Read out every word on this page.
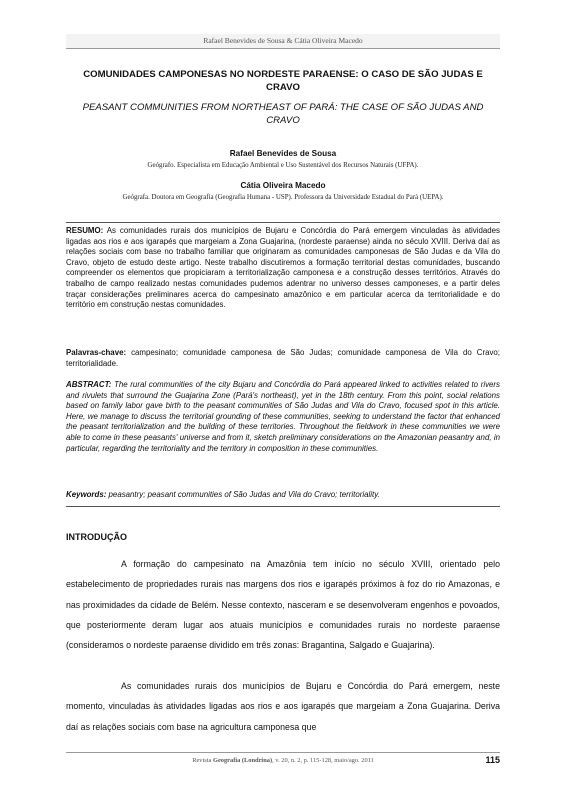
Rafael Benevides de Sousa & Cátia Oliveira Macedo
COMUNIDADES CAMPONESAS NO NORDESTE PARAENSE: O CASO DE SÃO JUDAS E CRAVO
PEASANT COMMUNITIES FROM NORTHEAST OF PARÁ: THE CASE OF SÃO JUDAS AND CRAVO
Rafael Benevides de Sousa
Geógrafo. Especialista em Educação Ambiental e Uso Sustentável dos Recursos Naturais (UFPA).
Cátia Oliveira Macedo
Geógrafa. Doutora em Geografia (Geografia Humana - USP). Professora da Universidade Estadual do Pará (UEPA).
RESUMO: As comunidades rurais dos municípios de Bujaru e Concórdia do Pará emergem vinculadas às atividades ligadas aos rios e aos igarapés que margeiam a Zona Guajarina, (nordeste paraense) ainda no século XVIII. Deriva daí as relações sociais com base no trabalho familiar que originaram as comunidades camponesas de São Judas e da Vila do Cravo, objeto de estudo deste artigo. Neste trabalho discutiremos a formação territorial destas comunidades, buscando compreender os elementos que propiciaram a territorialização camponesa e a construção desses territórios. Através do trabalho de campo realizado nestas comunidades pudemos adentrar no universo desses camponeses, e a partir deles traçar considerações preliminares acerca do campesinato amazônico e em particular acerca da territorialidade e do território em construção nestas comunidades.
Palavras-chave: campesinato; comunidade camponesa de São Judas; comunidade camponesa de Vila do Cravo; territorialidade.
ABSTRACT: The rural communities of the city Bujaru and Concórdia do Pará appeared linked to activities related to rivers and rivulets that surround the Guajarina Zone (Pará's northeast), yet in the 18th century. From this point, social relations based on family labor gave birth to the peasant communities of São Judas and Vila do Cravo, focused spot in this article. Here, we manage to discuss the territorial grounding of these communities, seeking to understand the factor that enhanced the peasant territorialization and the building of these territories. Throughout the fieldwork in these communities we were able to come in these peasants' universe and from it, sketch preliminary considerations on the Amazonian peasantry and, in particular, regarding the territoriality and the territory in composition in these communities.
Keywords: peasantry; peasant communities of São Judas and Vila do Cravo; territoriality.
INTRODUÇÃO
A formação do campesinato na Amazônia tem início no século XVIII, orientado pelo estabelecimento de propriedades rurais nas margens dos rios e igarapés próximos à foz do rio Amazonas, e nas proximidades da cidade de Belém. Nesse contexto, nasceram e se desenvolveram engenhos e povoados, que posteriormente deram lugar aos atuais municípios e comunidades rurais no nordeste paraense (consideramos o nordeste paraense dividido em três zonas: Bragantina, Salgado e Guajarina).
As comunidades rurais dos municípios de Bujaru e Concórdia do Pará emergem, neste momento, vinculadas às atividades ligadas aos rios e aos igarapés que margeiam a Zona Guajarina. Deriva daí as relações sociais com base na agricultura camponesa que
Revista Geografia (Londrina), v. 20, n. 2, p. 115-128, maio/ago. 2011	115
